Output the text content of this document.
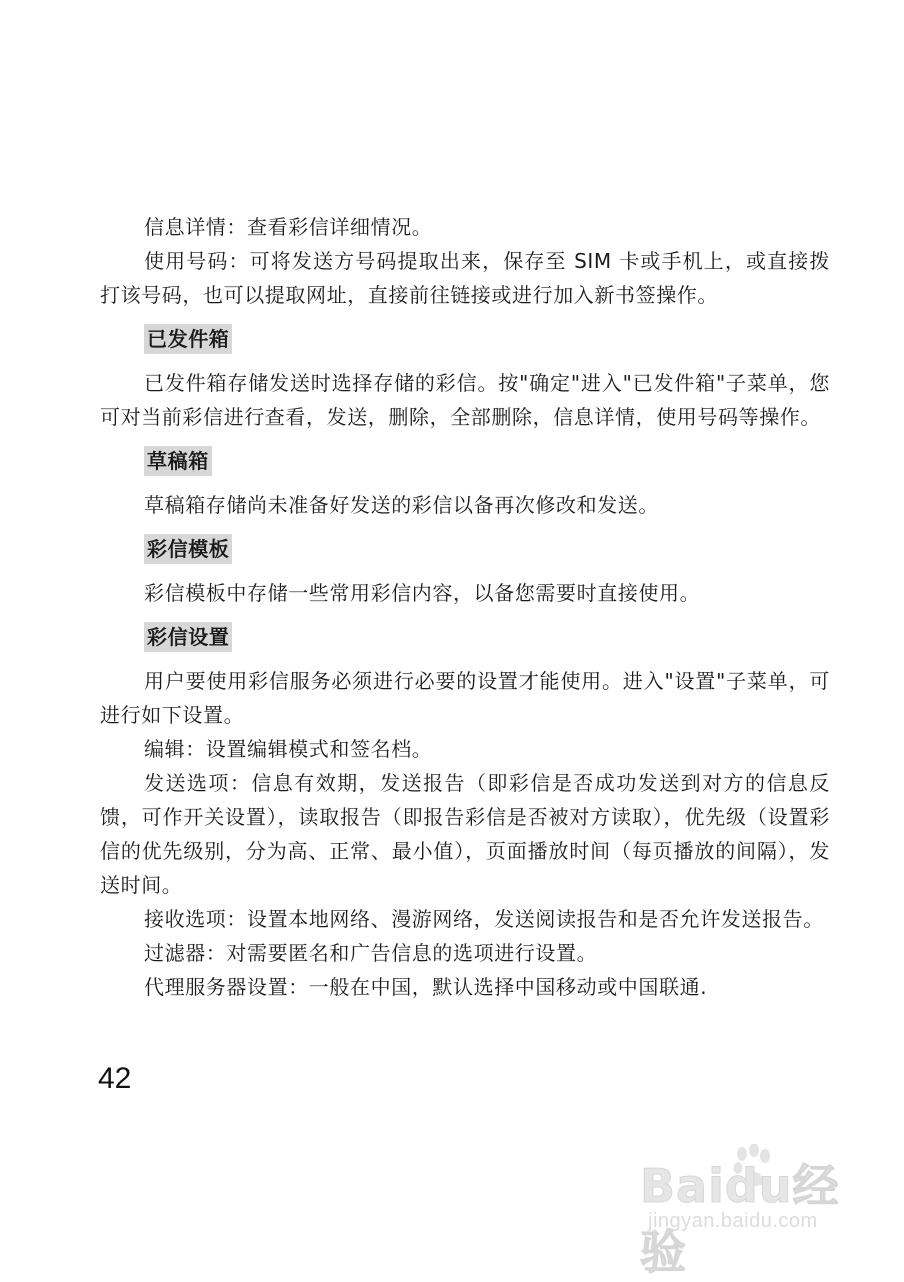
信息详情：查看彩信详细情况。

使用号码：可将发送方号码提取出来，保存至 SIM 卡或手机上，或直接拨打该号码，也可以提取网址，直接前往链接或进行加入新书签操作。

已发件箱

已发件箱存储发送时选择存储的彩信。按"确定"进入"已发件箱"子菜单，您可对当前彩信进行查看，发送，删除，全部删除，信息详情，使用号码等操作。

草稿箱

草稿箱存储尚未准备好发送的彩信以备再次修改和发送。

彩信模板

彩信模板中存储一些常用彩信内容，以备您需要时直接使用。

彩信设置

用户要使用彩信服务必须进行必要的设置才能使用。进入"设置"子菜单，可进行如下设置。

编辑：设置编辑模式和签名档。

发送选项：信息有效期，发送报告（即彩信是否成功发送到对方的信息反馈，可作开关设置），读取报告（即报告彩信是否被对方读取），优先级（设置彩信的优先级别，分为高、正常、最小值），页面播放时间（每页播放的间隔），发送时间。

接收选项：设置本地网络、漫游网络，发送阅读报告和是否允许发送报告。

过滤器：对需要匿名和广告信息的选项进行设置。

代理服务器设置：一般在中国，默认选择中国移动或中国联通.

42
Baidu经验
jingyan.baidu.com
